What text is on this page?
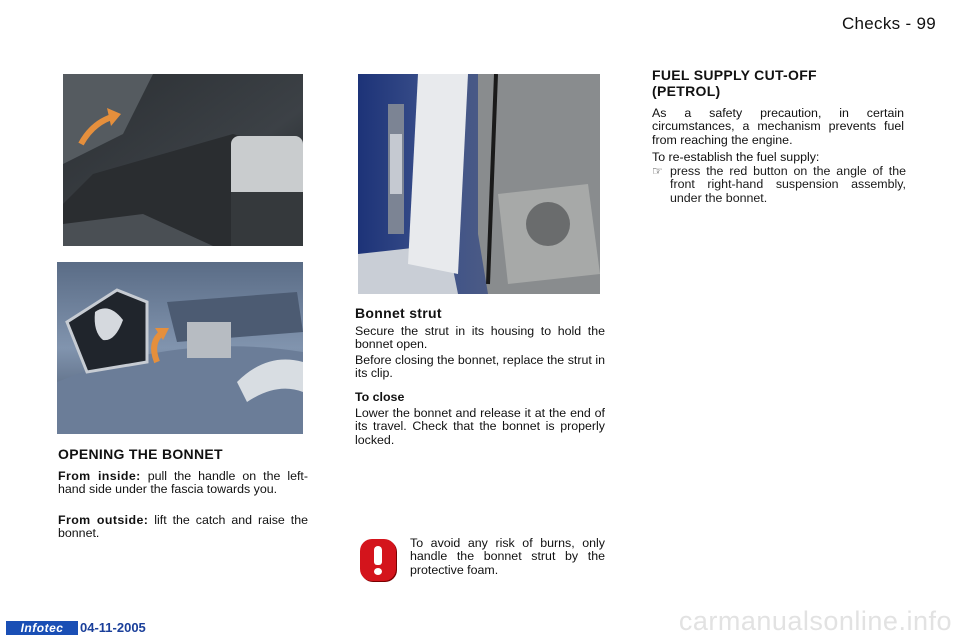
Checks - 99
OPENING THE BONNET

From inside: pull the handle on the left-hand side under the fascia towards you.

From outside: lift the catch and raise the bonnet.

Bonnet strut

Secure the strut in its housing to hold the bonnet open.

Before closing the bonnet, replace the strut in its clip.

To close

Lower the bonnet and release it at the end of its travel. Check that the bonnet is properly locked.

To avoid any risk of burns, only handle the bonnet strut by the protective foam.

FUEL SUPPLY CUT-OFF
(PETROL)

As a safety precaution, in certain circumstances, a mechanism prevents fuel from reaching the engine.

To re-establish the fuel supply:

☞ press the red button on the angle of the front right-hand suspension assembly, under the bonnet.
Infotec	04-11-2005	carmanualsonline.info
